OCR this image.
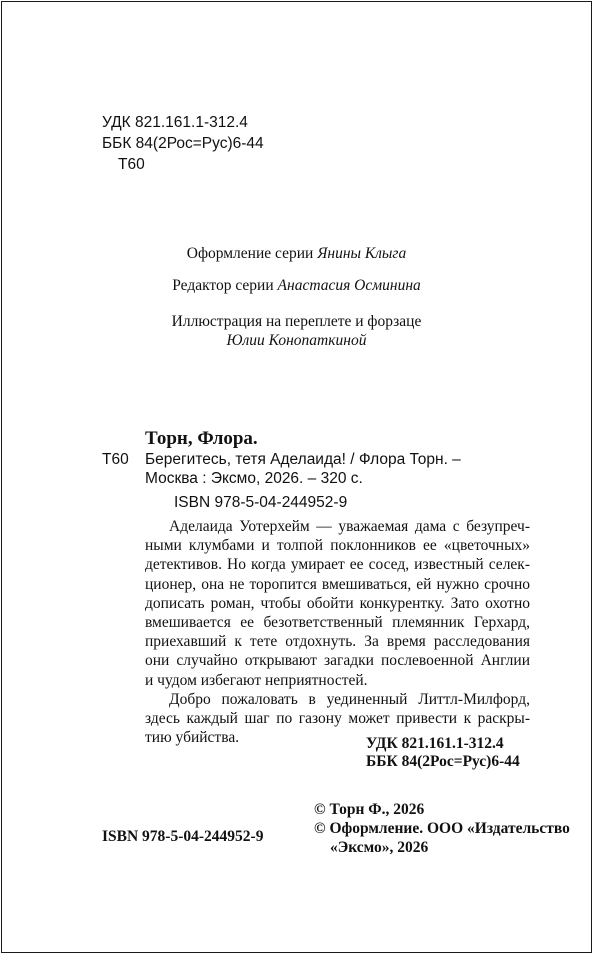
УДК 821.161.1-312.4
ББК 84(2Рос=Рус)6-44
Т60
Оформление серии Янины Клыга
Редактор серии Анастасия Осминина
Иллюстрация на переплете и форзаце
Юлии Конопаткиной
Торн, Флора.
Т60 Берегитесь, тетя Аделаида! / Флора Торн. –
Москва : Эксмо, 2026. – 320 с.
ISBN 978-5-04-244952-9

Аделаида Уотерхейм — уважаемая дама с безупреч-
ными клумбами и толпой поклонников ее «цветочных»
детективов. Но когда умирает ее сосед, известный селек-
ционер, она не торопится вмешиваться, ей нужно срочно
дописать роман, чтобы обойти конкурентку. Зато охотно
вмешивается ее безответственный племянник Герхард,
приехавший к тете отдохнуть. За время расследования
они случайно открывают загадки послевоенной Англии
и чудом избегают неприятностей.

Добро пожаловать в уединенный Литтл-Милфорд,
здесь каждый шаг по газону может привести к раскры-
тию убийства.	УДК 821.161.1-312.4
ББК 84(2Рос=Рус)6-44
ISBN 978-5-04-244952-9
© Торн Ф., 2026
© Оформление. ООО «Издательство
«Эксмо», 2026
